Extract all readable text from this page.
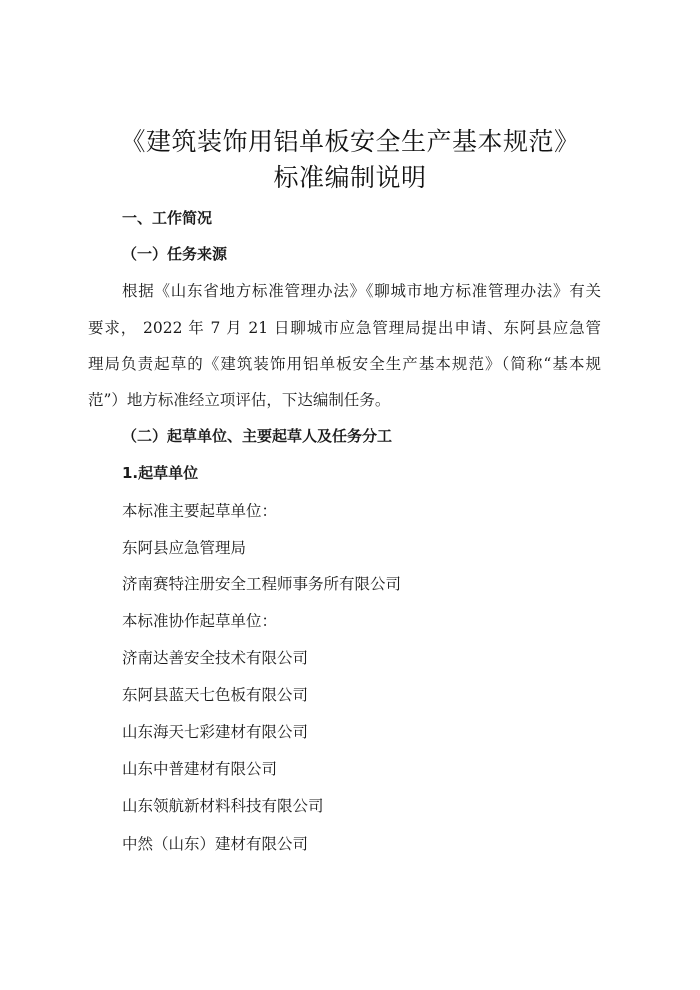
《建筑装饰用铝单板安全生产基本规范》
标准编制说明
一、工作简况
（一）任务来源
根据《山东省地方标准管理办法》《聊城市地方标准管理办法》有关
要求， 2022 年 7 月 21 日聊城市应急管理局提出申请、东阿县应急管
理局负责起草的《建筑装饰用铝单板安全生产基本规范》（简称“基本规
范”）地方标准经立项评估，下达编制任务。
（二）起草单位、主要起草人及任务分工
1.起草单位
本标准主要起草单位：
东阿县应急管理局
济南赛特注册安全工程师事务所有限公司
本标准协作起草单位：
济南达善安全技术有限公司
东阿县蓝天七色板有限公司
山东海天七彩建材有限公司
山东中普建材有限公司
山东领航新材料科技有限公司
中然（山东）建材有限公司
